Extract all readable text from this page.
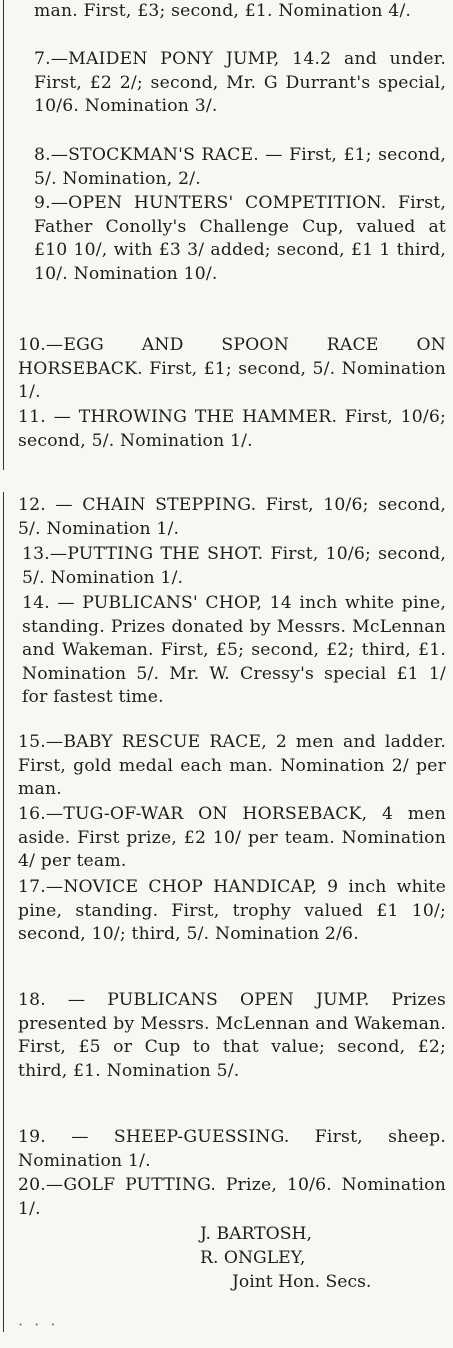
man. First, £3; second, £1. Nomination 4/.
7.—MAIDEN PONY JUMP, 14.2 and under. First, £2 2/; second, Mr. G Durrant's special, 10/6. Nomination 3/.
8.—STOCKMAN'S RACE. — First, £1; second, 5/. Nomination, 2/.
9.—OPEN HUNTERS' COMPETITION. First, Father Conolly's Challenge Cup, valued at £10 10/, with £3 3/ added; second, £1 1 third, 10/. Nomination 10/.
10.—EGG AND SPOON RACE ON HORSEBACK. First, £1; second, 5/. Nomination 1/.
11. — THROWING THE HAMMER. First, 10/6; second, 5/. Nomination 1/.
12. — CHAIN STEPPING. First, 10/6; second, 5/. Nomination 1/.
13.—PUTTING THE SHOT. First, 10/6; second, 5/. Nomination 1/.
14. — PUBLICANS' CHOP, 14 inch white pine, standing. Prizes donated by Messrs. McLennan and Wakeman. First, £5; second, £2; third, £1. Nomination 5/. Mr. W. Cressy's special £1 1/ for fastest time.
15.—BABY RESCUE RACE, 2 men and ladder. First, gold medal each man. Nomination 2/ per man.
16.—TUG-OF-WAR ON HORSEBACK, 4 men aside. First prize, £2 10/ per team. Nomination 4/ per team.
17.—NOVICE CHOP HANDICAP, 9 inch white pine, standing. First, trophy valued £1 10/; second, 10/; third, 5/. Nomination 2/6.
18. — PUBLICANS OPEN JUMP. Prizes presented by Messrs. McLennan and Wakeman. First, £5 or Cup to that value; second, £2; third, £1. Nomination 5/.
19. — SHEEP-GUESSING. First, sheep. Nomination 1/.
20.—GOLF PUTTING. Prize, 10/6. Nomination 1/.
J. BARTOSH,
R. ONGLEY,
Joint Hon. Secs.
· · ·
